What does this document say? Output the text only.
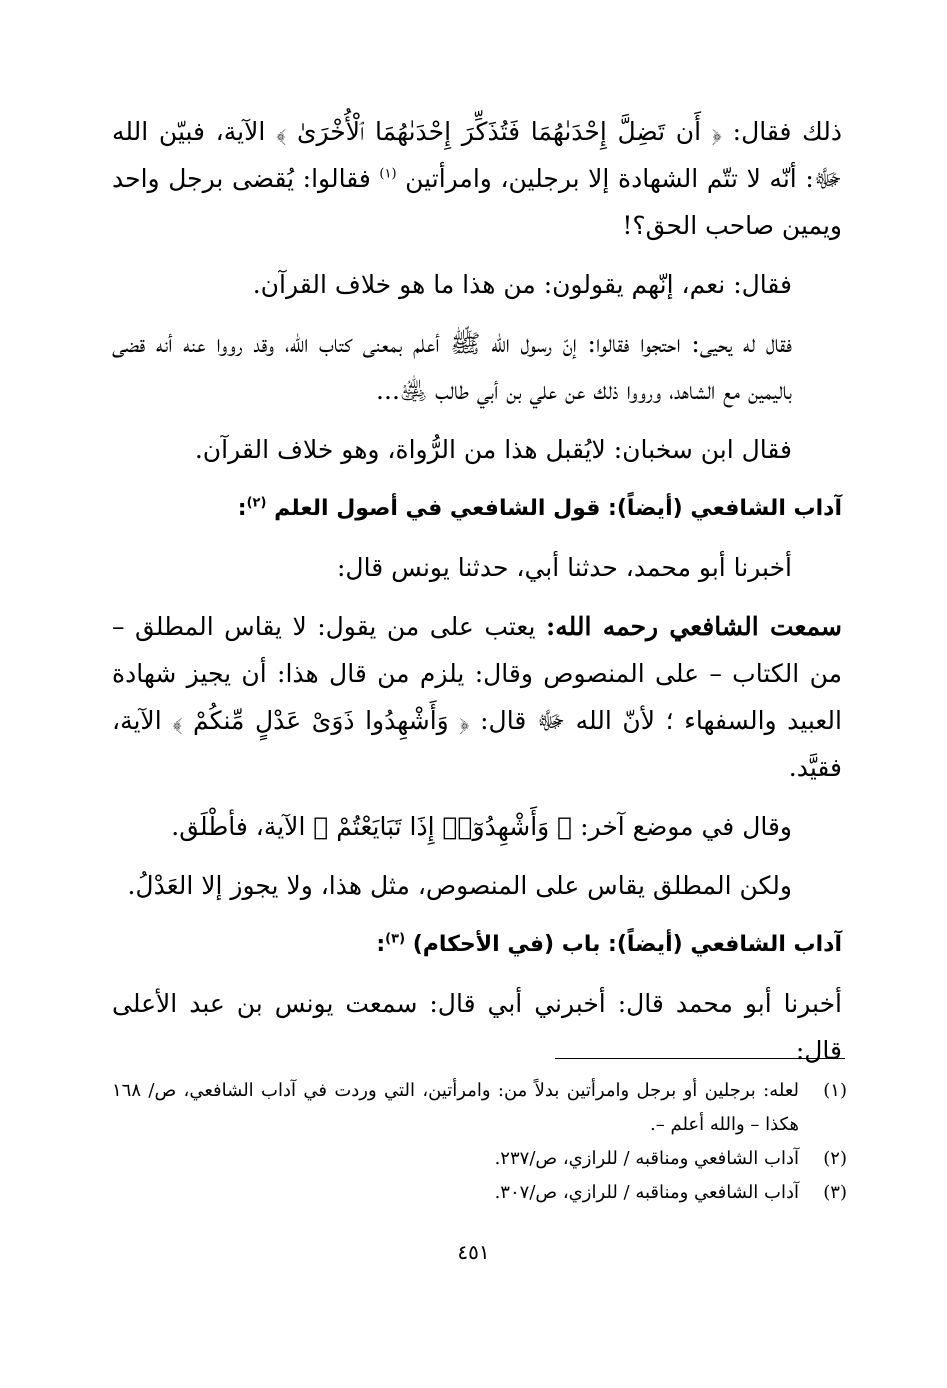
ذلك فقال: ﴿ أَن تَضِلَّ إِحْدَىٰهُمَا فَتُذَكِّرَ إِحْدَىٰهُمَا ٱلْأُخْرَىٰ ﴾ الآية، فبيّن الله ﷻ: أنّه لا تتّم الشهادة إلا برجلين، وامرأتين $^{(١)}$ فقالوا: يُقضى برجل واحد ويمين صاحب الحق؟!

فقال: نعم، إنّهم يقولون: من هذا ما هو خلاف القرآن.

فقال له يحيى: احتجوا فقالوا: إنّ رسول الله ﷺ أعلم بمعنى كتاب الله، وقد رووا عنه أنه قضى باليمين مع الشاهد، ورووا ذلك عن علي بن أبي طالب ﵁...

فقال ابن سخبان: لايُقبل هذا من الرُّواة، وهو خلاف القرآن.

آداب الشافعي (أيضاً): قول الشافعي في أصول العلم $^{(٢)}$:

أخبرنا أبو محمد، حدثنا أبي، حدثنا يونس قال:

سمعت الشافعي رحمه الله: يعتب على من يقول: لا يقاس المطلق – من الكتاب – على المنصوص وقال: يلزم من قال هذا: أن يجيز شهادة العبيد والسفهاء ؛ لأنّ الله ﷻ قال: ﴿ وَأَشْهِدُوا ذَوَىْ عَدْلٍ مِّنكُمْ ﴾ الآية، فقيَّد.

وقال في موضع آخر: ﴿ وَأَشْهِدُوٓا۟ إِذَا تَبَايَعْتُمْ ﴾ الآية، فأطْلَق.

ولكن المطلق يقاس على المنصوص، مثل هذا، ولا يجوز إلا العَدْلُ.

آداب الشافعي (أيضاً): باب (في الأحكام) $^{(٣)}$:

أخبرنا أبو محمد قال: أخبرني أبي قال: سمعت يونس بن عبد الأعلى قال:

(١)
لعله: برجلين أو برجل وامرأتين بدلاً من: وامرأتين، التي وردت في آداب الشافعي، ص/ ١٦٨ هكذا – والله أعلم –.
(٢)
آداب الشافعي ومناقبه / للرازي، ص/٢٣٧.
(٣)
آداب الشافعي ومناقبه / للرازي، ص/٣٠٧.
٤٥١
